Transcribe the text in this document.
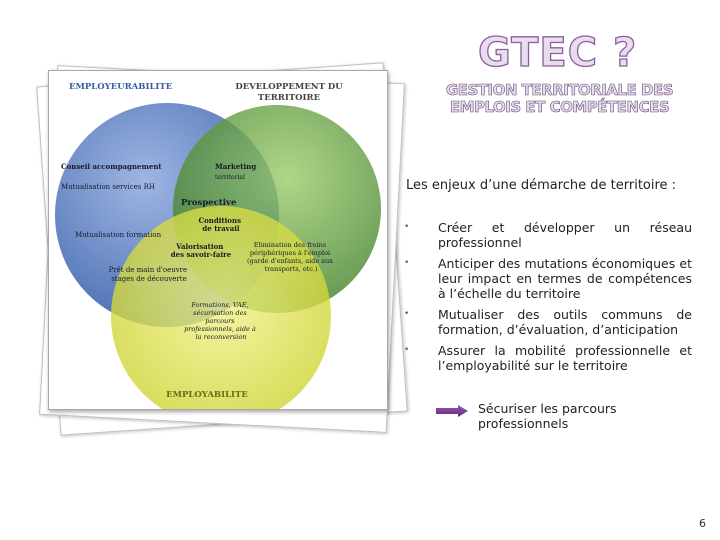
GTEC ?
GESTION TERRITORIALE DES EMPLOIS ET COMPÉTENCES
EMPLOYEURABILITE	DEVELOPPEMENT DU TERRITOIRE
EMPLOYABILITE
Conseil accompagnement
Mutualisation services RH
Marketing
territorial
Prospective
Mutualisation formation
Conditions de travail
Valorisation des savoir-faire
Elimination des freins périphériques à l'emploi (garde d'enfants, aide aux transports, etc.)
Prêt de main d'oeuvre stages de découverte
Formations, VAE, sécurisation des parcours professionnels, aide à la reconversion
Les enjeux d’une démarche de territoire :
• Créer et développer un réseau professionnel
• Anticiper des mutations économiques et leur impact en termes de compétences à l’échelle du territoire
• Mutualiser des outils communs de formation, d’évaluation, d’anticipation
• Assurer la mobilité professionnelle et l’employabilité sur le territoire
Sécuriser les parcours professionnels
6
